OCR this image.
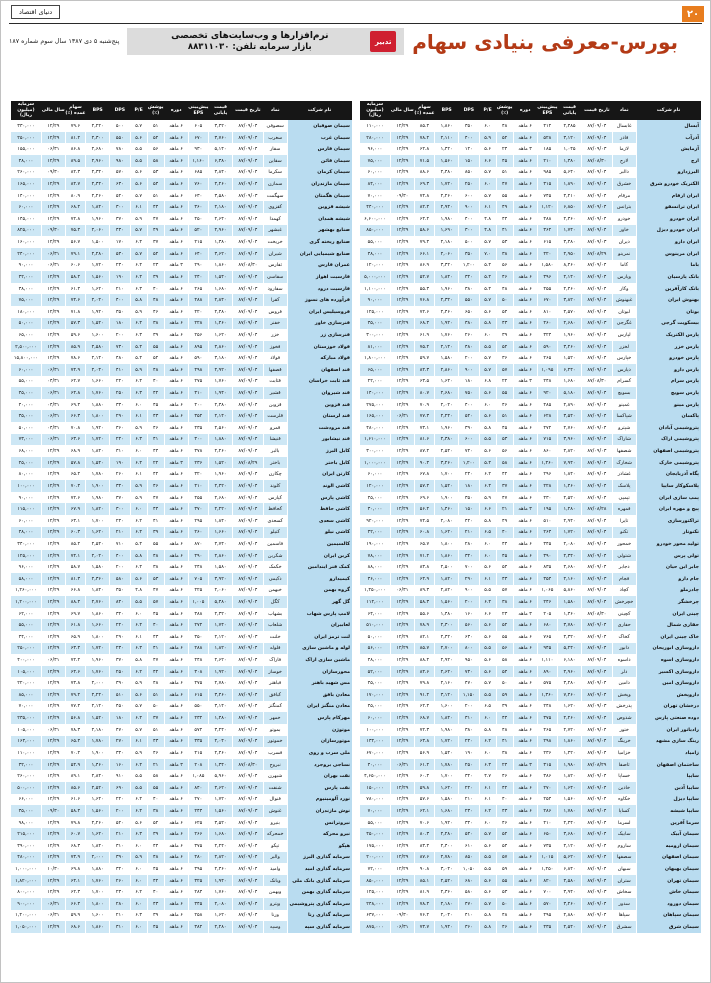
دنیای اقتصاد	۲۰
بورس-معرفی بنیادی سهام
تدبیر
نرم‌افزارها و وب‌سایت‌های تخصصی
بازار سرمایه تلفن: ۸۸۳۱۱۰۳۰
پنج‌شنبه ۵ دی ۱۳۸۷ سال سوم شماره ۱۸۷
نام شرکت	نماد	تاریخ قیمت	قیمت پایانی	پیش‌بینی EPS	دوره	پوشش (٪)	P/E	DPS	BPS	سهام عمده (٪)	سال مالی	سرمایه (میلیون ریال)
آبسال	غابسال	۸۷/۰۹/۰۴	۲,۴۸۵	۴۱۲	۶ ماهه	۴۸	۶.۰	۳۵۰	۱,۸۶۰	۸۵.۴	۱۲/۲۹	۱۱۰,۰۰۰
آذرآب	فاذر	۸۷/۰۹/۰۴	۳,۱۲۰	۵۲۸	۶ ماهه	۵۲	۵.۹	۴۰۰	۲,۱۱۰	۷۸.۲	۱۲/۲۹	۲۸۰,۰۰۰
آزمایش	لازما	۸۷/۰۹/۰۳	۱,۰۴۵	۱۸۵	۳ ماهه	۲۴	۵.۶	۱۲۰	۱,۴۲۰	۶۲.۸	۱۲/۲۹	۹۶,۰۰۰
ارج	لارج	۸۷/۰۸/۳۰	۱,۳۸۰	۲۱۰	۶ ماهه	۴۵	۶.۶	۱۵۰	۱,۵۶۰	۷۱.۵	۱۲/۲۹	۷۵,۰۰۰
البرزدارو	دالبر	۸۷/۰۹/۰۴	۵,۶۴۰	۹۸۵	۶ ماهه	۵۱	۵.۷	۸۵۰	۲,۴۸۰	۸۸.۶	۱۲/۲۹	۶۰,۰۰۰
الکتریک خودرو شرق	خشرق	۸۷/۰۹/۰۴	۱,۸۹۰	۳۱۵	۶ ماهه	۴۷	۶.۰	۲۵۰	۱,۷۲۰	۶۹.۳	۱۲/۲۹	۸۴,۰۰۰
ایران ارقام	مرقام	۸۷/۰۹/۰۴	۴,۲۱۰	۷۴۵	۶ ماهه	۵۵	۵.۷	۶۰۰	۲,۲۶۰	۷۴.۸	۰۹/۳۰	۷۰,۰۰۰
ایران ترانسفو	بترانس	۸۷/۰۹/۰۴	۶,۸۵۰	۱,۱۲۰	۶ ماهه	۴۹	۶.۱	۹۰۰	۲,۹۴۰	۸۲.۴	۱۲/۲۹	۴۴۰,۰۰۰
ایران خودرو	خودرو	۸۷/۰۹/۰۴	۲,۳۶۰	۴۸۸	۶ ماهه	۴۴	۴.۸	۴۰۰	۱,۹۸۰	۶۴.۲	۱۲/۲۹	۶,۶۰۰,۰۰۰
ایران خودرو دیزل	خاور	۸۷/۰۹/۰۴	۱,۷۴۰	۳۶۲	۶ ماهه	۴۱	۴.۸	۳۰۰	۱,۶۹۰	۵۸.۶	۱۲/۲۹	۸۵۰,۰۰۰
ایران دارو	دیران	۸۷/۰۹/۰۳	۳,۴۸۰	۶۱۵	۶ ماهه	۵۳	۵.۷	۵۰۰	۲,۱۸۰	۷۹.۴	۱۲/۲۹	۵۵,۰۰۰
ایران مرینوس	نمرینو	۸۷/۰۸/۲۹	۲,۹۵۰	۴۲۰	۶ ماهه	۳۸	۷.۰	۳۵۰	۲,۰۶۰	۶۶.۱	۱۲/۲۹	۴۸,۰۰۰
باما	کاما	۸۷/۰۹/۰۴	۸,۴۶۰	۱,۵۸۰	۶ ماهه	۵۶	۵.۴	۱,۲۰۰	۳,۴۲۰	۸۶.۹	۱۲/۲۹	۱۲۰,۰۰۰
بانک پارسیان	وپارس	۸۷/۰۹/۰۴	۲,۱۴۰	۳۹۶	۶ ماهه	۴۶	۵.۴	۳۲۰	۱,۸۴۰	۵۲.۷	۱۲/۲۹	۵,۰۰۰,۰۰۰
بانک کارآفرین	وکار	۸۷/۰۹/۰۴	۲,۴۶۰	۴۵۵	۶ ماهه	۴۸	۵.۴	۳۸۰	۱,۹۶۰	۵۵.۳	۱۲/۲۹	۱,۱۰۰,۰۰۰
بهنوش ایران	غبهنوش	۸۷/۰۹/۰۴	۳,۸۲۰	۶۷۰	۶ ماهه	۵۰	۵.۷	۵۵۰	۲,۳۲۰	۷۶.۸	۱۲/۲۹	۹۰,۰۰۰
بوتان	لبوتان	۸۷/۰۹/۰۴	۴,۵۷۰	۸۱۰	۶ ماهه	۵۴	۵.۶	۶۵۰	۲,۴۶۰	۷۲.۶	۱۲/۲۹	۱۲۵,۰۰۰
بیسکویت گرجی	غگرجی	۸۷/۰۹/۰۳	۲,۶۸۰	۴۶۰	۶ ماهه	۴۳	۵.۸	۳۸۰	۱,۹۲۰	۶۸.۴	۱۲/۲۹	۳۵,۰۰۰
پارس الکتریک	لپارس	۸۷/۰۹/۰۴	۱,۹۶۰	۳۲۴	۶ ماهه	۳۹	۶.۰	۲۶۰	۱,۷۶۰	۶۱.۹	۱۲/۲۹	۳۰۰,۰۰۰
پارس خزر	لخزر	۸۷/۰۹/۰۴	۳,۲۶۰	۵۹۰	۶ ماهه	۵۲	۵.۵	۴۸۰	۲,۱۴۰	۷۵.۲	۱۲/۲۹	۸۱,۰۰۰
پارس خودرو	خپارس	۸۷/۰۹/۰۴	۱,۵۲۰	۲۶۵	۶ ماهه	۳۶	۵.۷	۲۰۰	۱,۵۸۰	۵۹.۷	۱۲/۲۹	۱,۸۰۰,۰۰۰
پارس دارو	دپارس	۸۷/۰۹/۰۴	۶,۲۴۰	۱,۰۹۵	۶ ماهه	۵۷	۵.۷	۹۰۰	۲,۸۶۰	۸۴.۳	۱۲/۲۹	۶۵,۰۰۰
پارس سرام	کسرام	۸۷/۰۸/۳۰	۱,۶۸۰	۲۴۸	۳ ماهه	۲۲	۶.۸	۱۸۰	۱,۶۴۰	۶۳.۵	۱۲/۲۹	۲۲,۰۰۰
پارس سویچ	بسویچ	۸۷/۰۹/۰۴	۵,۱۸۰	۹۲۰	۶ ماهه	۵۵	۵.۶	۷۵۰	۲,۶۸۰	۸۰.۷	۱۲/۲۹	۱۴۰,۰۰۰
پارس مینو	غمینو	۸۷/۰۹/۰۴	۲,۸۹۰	۴۸۵	۶ ماهه	۴۶	۶.۰	۴۰۰	۲,۰۲۰	۷۰.۹	۱۲/۲۹	۲۷۵,۰۰۰
پاکسان	شپاکسا	۸۷/۰۹/۰۴	۳,۵۴۰	۶۲۸	۶ ماهه	۵۱	۵.۶	۵۲۰	۲,۲۴۰	۷۷.۳	۰۶/۳۱	۱۶۵,۰۰۰
پتروشیمی آبادان	شپترو	۸۷/۰۹/۰۴	۲,۷۶۰	۴۷۲	۶ ماهه	۴۵	۵.۸	۳۹۰	۱,۹۶۰	۷۳.۱	۱۲/۲۹	۴۸۰,۰۰۰
پتروشیمی اراک	شاراک	۸۷/۰۹/۰۴	۳,۹۶۰	۷۱۵	۶ ماهه	۵۳	۵.۵	۶۰۰	۲,۳۸۰	۸۱.۶	۱۲/۲۹	۱,۶۱۰,۰۰۰
پتروشیمی اصفهان	شصفها	۸۷/۰۹/۰۳	۴,۸۲۰	۸۶۰	۶ ماهه	۵۶	۵.۶	۷۲۰	۲,۵۴۰	۸۷.۲	۱۲/۲۹	۳۰۰,۰۰۰
پتروشیمی خارک	شخارک	۸۷/۰۹/۰۴	۷,۹۴۰	۱,۴۶۰	۶ ماهه	۵۸	۵.۴	۱,۲۰۰	۳,۲۶۰	۹۰.۴	۱۲/۲۹	۱,۰۰۰,۰۰۰
پگاه آذربایجان	غشاذر	۸۷/۰۹/۰۴	۱,۸۴۰	۲۹۶	۶ ماهه	۴۲	۶.۲	۲۴۰	۱,۷۰۰	۶۷.۸	۱۲/۲۹	۶۰,۰۰۰
پلاسکوکار سایپا	پلاسک	۸۷/۰۹/۰۴	۱,۴۶۰	۲۲۸	۶ ماهه	۳۷	۶.۴	۱۸۰	۱,۵۲۰	۵۷.۴	۱۲/۲۹	۱۲۰,۰۰۰
پمپ سازی ایران	تپمپی	۸۷/۰۹/۰۴	۲,۵۲۰	۴۳۰	۶ ماهه	۴۷	۵.۹	۳۵۰	۱,۹۰۰	۶۹.۶	۱۲/۲۹	۴۵,۰۰۰
پیچ و مهره ایران	فمهره	۸۷/۰۸/۲۸	۱,۲۸۰	۱۹۵	۳ ماهه	۲۱	۶.۶	۱۵۰	۱,۴۶۰	۵۶.۲	۱۲/۲۹	۳۰,۰۰۰
تراکتورسازی	تایرا	۸۷/۰۹/۰۴	۲,۹۴۰	۵۱۰	۶ ماهه	۴۹	۵.۸	۴۲۰	۲,۰۸۰	۷۴.۵	۱۲/۲۹	۹۲۰,۰۰۰
تکنوتار	تکنو	۸۷/۰۹/۰۴	۱,۷۲۰	۲۶۴	۶ ماهه	۴۰	۶.۵	۲۱۰	۱,۶۲۰	۶۰.۸	۱۲/۲۹	۴۲,۰۰۰
تولید محور خودرو	خمحور	۸۷/۰۹/۰۴	۲,۰۸۰	۳۴۵	۶ ماهه	۴۴	۶.۰	۲۸۰	۱,۸۰۰	۶۵.۷	۱۲/۲۹	۱۹۰,۰۰۰
تولی پرس	شتولی	۸۷/۰۹/۰۴	۲,۳۴۰	۳۹۰	۶ ماهه	۴۵	۶.۰	۳۲۰	۱,۸۶۰	۷۱.۲	۱۲/۲۹	۷۸,۰۰۰
جابر ابن حیان	دجابر	۸۷/۰۹/۰۴	۴,۶۸۰	۸۳۵	۶ ماهه	۵۴	۵.۶	۷۰۰	۲,۵۰۰	۸۳.۸	۱۲/۲۹	۸۸,۰۰۰
جام دارو	فجام	۸۷/۰۹/۰۳	۲,۱۶۰	۳۵۴	۶ ماهه	۴۳	۶.۱	۲۹۰	۱,۸۲۰	۶۴.۹	۱۲/۲۹	۳۶,۰۰۰
چادرملو	کچاد	۸۷/۰۹/۰۴	۵,۸۶۰	۱,۰۶۵	۶ ماهه	۵۷	۵.۵	۹۰۰	۲,۸۲۰	۸۹.۳	۰۶/۳۱	۱,۴۵۰,۰۰۰
چرخشگر	خچرخش	۸۷/۰۹/۰۴	۱,۵۸۰	۲۴۶	۶ ماهه	۳۸	۶.۴	۲۰۰	۱,۵۶۰	۵۸.۳	۱۲/۲۹	۱۱۲,۰۰۰
چینی ایران	کچینی	۸۷/۰۸/۳۰	۱,۳۶۰	۲۰۵	۳ ماهه	۲۳	۶.۶	۱۶۰	۱,۴۸۰	۵۵.۶	۱۲/۲۹	۶۴,۰۰۰
حفاری شمال	حفاری	۸۷/۰۹/۰۴	۳,۷۸۰	۶۸۰	۶ ماهه	۵۲	۵.۶	۵۶۰	۲,۳۰۰	۷۸.۹	۱۲/۲۹	۵۱۰,۰۰۰
خاک چینی ایران	کخاک	۸۷/۰۹/۰۴	۴,۳۲۰	۷۶۵	۶ ماهه	۵۵	۵.۶	۶۳۰	۲,۴۲۰	۸۲.۱	۱۲/۲۹	۵۰,۰۰۰
داروسازی ابوریحان	دابور	۸۷/۰۹/۰۴	۵,۲۴۰	۹۴۵	۶ ماهه	۵۶	۵.۵	۸۰۰	۲,۷۰۰	۸۵.۷	۱۲/۲۹	۵۶,۰۰۰
داروسازی اسوه	داسوه	۸۷/۰۹/۰۴	۶,۱۸۰	۱,۱۱۰	۶ ماهه	۵۸	۵.۶	۹۵۰	۲,۹۲۰	۸۸.۲	۱۲/۲۹	۴۸,۰۰۰
داروسازی اکسیر	دلر	۸۷/۰۹/۰۴	۴,۹۶۰	۸۹۰	۶ ماهه	۵۴	۵.۶	۷۴۰	۲,۶۲۰	۸۴.۶	۱۲/۲۹	۵۲,۰۰۰
داروسازی امین	دامین	۸۷/۰۹/۰۴	۳,۲۸۰	۵۷۵	۶ ماهه	۵۰	۵.۷	۴۷۰	۲,۱۶۰	۷۹.۸	۱۲/۲۹	۴۵,۰۰۰
داروپخش	وپخش	۸۷/۰۹/۰۴	۷,۴۶۰	۱,۳۶۰	۶ ماهه	۵۹	۵.۵	۱,۱۵۰	۳,۱۲۰	۹۱.۲	۱۲/۲۹	۱۷۰,۰۰۰
درخشان تهران	پدرخش	۸۷/۰۹/۰۳	۱,۶۲۰	۲۴۸	۶ ماهه	۳۹	۶.۵	۲۰۰	۱,۶۰۰	۶۲.۴	۱۲/۲۹	۴۵,۰۰۰
دوده صنعتی پارس	شدوص	۸۷/۰۹/۰۴	۲,۲۶۰	۳۷۵	۶ ماهه	۴۴	۶.۰	۳۱۰	۱,۸۴۰	۶۸.۷	۱۲/۲۹	۶۰,۰۰۰
رادیاتور ایران	ختور	۸۷/۰۹/۰۴	۲,۷۲۰	۴۶۵	۶ ماهه	۴۸	۵.۸	۳۸۰	۱,۹۸۰	۷۲.۳	۱۲/۲۹	۱۰۰,۰۰۰
رینگ سازی مشهد	خرینگ	۸۷/۰۹/۰۴	۱,۸۶۰	۲۹۸	۶ ماهه	۴۱	۶.۲	۲۴۰	۱,۷۲۰	۶۳.۸	۱۲/۲۹	۱۳۲,۰۰۰
زامیاد	خزامیا	۸۷/۰۹/۰۴	۱,۴۲۰	۲۳۶	۶ ماهه	۳۸	۶.۰	۱۹۰	۱,۵۴۰	۵۶.۹	۱۲/۲۹	۶۷۰,۰۰۰
ساختمان اصفهان	ثاصفا	۸۷/۰۸/۲۹	۱,۹۸۰	۳۱۵	۳ ماهه	۲۴	۶.۳	۲۵۰	۱,۷۸۰	۶۱.۲	۰۶/۳۱	۴۰,۰۰۰
سایپا	خساپا	۸۷/۰۹/۰۴	۱,۸۲۰	۳۸۶	۶ ماهه	۴۶	۴.۷	۳۲۰	۱,۷۰۰	۶۰.۴	۱۲/۲۹	۴,۶۵۰,۰۰۰
سایپا آذین	خاذین	۸۷/۰۹/۰۴	۱,۶۴۰	۲۷۰	۶ ماهه	۴۲	۶.۱	۲۲۰	۱,۶۲۰	۵۹.۸	۱۲/۲۹	۱۵۰,۰۰۰
سایپا دیزل	خکاوه	۸۷/۰۹/۰۴	۱,۵۶۰	۲۵۴	۶ ماهه	۴۰	۶.۱	۲۱۰	۱,۵۸۰	۵۷.۶	۱۲/۲۹	۷۸۰,۰۰۰
سایپا شیشه	کساپا	۸۷/۰۹/۰۴	۱,۷۸۰	۲۸۶	۶ ماهه	۴۳	۶.۲	۲۳۰	۱,۶۸۰	۶۲.۱	۱۲/۲۹	۷۰,۰۰۰
سرما آفرین	لسرما	۸۷/۰۹/۰۴	۲,۴۴۰	۴۱۰	۶ ماهه	۴۶	۶.۰	۳۴۰	۱,۹۲۰	۷۰.۶	۱۲/۲۹	۵۵,۰۰۰
سیمان آبیک	سابیک	۸۷/۰۹/۰۴	۳,۶۸۰	۶۵۰	۶ ماهه	۵۲	۵.۷	۵۴۰	۲,۲۸۰	۸۰.۳	۱۲/۲۹	۴۵۰,۰۰۰
سیمان ارومیه	ساروم	۸۷/۰۹/۰۴	۴,۱۲۰	۷۳۵	۶ ماهه	۵۴	۵.۶	۶۱۰	۲,۴۰۰	۸۳.۴	۱۲/۲۹	۱۷۵,۰۰۰
سیمان اصفهان	سصفها	۸۷/۰۹/۰۴	۵,۶۲۰	۱,۰۱۵	۶ ماهه	۵۷	۵.۵	۸۵۰	۲,۷۸۰	۸۷.۶	۱۲/۲۹	۲۰۰,۰۰۰
سیمان بهبهان	سبهان	۸۷/۰۹/۰۴	۶,۸۴۰	۱,۲۵۰	۶ ماهه	۵۹	۵.۵	۱,۰۵۰	۳,۰۴۰	۹۰.۸	۱۲/۲۹	۷۲,۰۰۰
سیمان تهران	ستران	۸۷/۰۹/۰۴	۴,۵۸۰	۸۲۰	۶ ماهه	۵۵	۵.۶	۶۸۰	۲,۵۲۰	۸۵.۱	۱۲/۲۹	۸۵۰,۰۰۰
سیمان خاش	سخاش	۸۷/۰۹/۰۳	۳,۹۴۰	۷۰۰	۶ ماهه	۵۳	۵.۶	۵۸۰	۲,۳۶۰	۸۱.۹	۱۲/۲۹	۱۲۵,۰۰۰
سیمان دورود	سدور	۸۷/۰۹/۰۴	۳,۲۶۰	۵۷۰	۶ ماهه	۵۰	۵.۷	۴۷۰	۲,۱۸۰	۷۸.۴	۱۲/۲۹	۲۴۸,۰۰۰
سیمان سپاهان	سپاها	۸۷/۰۹/۰۴	۲,۸۸۰	۴۹۵	۶ ماهه	۴۸	۵.۸	۴۱۰	۲,۰۴۰	۷۶.۲	۰۹/۳۰	۶۳۷,۰۰۰
سیمان شرق	سشرق	۸۷/۰۹/۰۴	۲,۵۴۰	۴۳۵	۶ ماهه	۴۶	۵.۸	۳۶۰	۱,۹۴۰	۷۳.۷	۰۶/۳۱	۸۷۵,۰۰۰
نام شرکت	نماد	تاریخ قیمت	قیمت پایانی	پیش‌بینی EPS	دوره	پوشش (٪)	P/E	DPS	BPS	سهام عمده (٪)	سال مالی	سرمایه (میلیون ریال)
سیمان صوفیان	سصوفی	۸۷/۰۹/۰۴	۳,۴۲۰	۶۰۵	۶ ماهه	۵۱	۵.۷	۵۰۰	۲,۲۲۰	۷۹.۶	۱۲/۲۹	۳۳۰,۰۰۰
سیمان غرب	سغرب	۸۷/۰۹/۰۴	۳,۷۶۰	۶۷۰	۶ ماهه	۵۲	۵.۶	۵۵۰	۲,۳۰۰	۸۱.۲	۱۲/۲۹	۲۵۰,۰۰۰
سیمان فارس	سفار	۸۷/۰۹/۰۴	۵,۱۴۰	۹۳۰	۶ ماهه	۵۶	۵.۵	۷۸۰	۲,۶۸۰	۸۶.۸	۰۶/۳۱	۱۵۵,۰۰۰
سیمان قائن	سقاین	۸۷/۰۹/۰۴	۶,۳۸۰	۱,۱۶۰	۶ ماهه	۵۸	۵.۵	۹۸۰	۲,۹۶۰	۸۹.۵	۱۲/۲۹	۴۸,۰۰۰
سیمان کرمان	سکرما	۸۷/۰۹/۰۴	۳,۸۴۰	۶۸۵	۶ ماهه	۵۳	۵.۶	۵۷۰	۲,۳۴۰	۸۲.۳	۰۹/۳۰	۲۶۰,۰۰۰
سیمان مازندران	سمازن	۸۷/۰۹/۰۴	۴,۲۶۰	۷۶۰	۶ ماهه	۵۴	۵.۶	۶۳۰	۲,۴۴۰	۸۴.۷	۱۲/۲۹	۱۶۵,۰۰۰
سیمان هگمتان	سهگمت	۸۷/۰۹/۰۳	۳,۵۸۰	۶۳۰	۶ ماهه	۵۱	۵.۷	۵۲۰	۲,۲۶۰	۸۰.۹	۱۲/۲۹	۱۴۰,۰۰۰
شیشه قزوین	کقزوی	۸۷/۰۹/۰۴	۲,۱۸۰	۳۶۰	۶ ماهه	۴۴	۶.۱	۳۰۰	۱,۸۴۰	۶۸.۲	۱۲/۲۹	۶۰,۰۰۰
شیشه همدان	کهمدا	۸۷/۰۹/۰۴	۲,۶۴۰	۴۵۰	۶ ماهه	۴۷	۵.۹	۳۷۰	۱,۹۶۰	۷۲.۸	۱۲/۲۹	۱۴۵,۰۰۰
صنایع بهشهر	غبشهر	۸۷/۰۹/۰۴	۲,۹۶۰	۵۲۰	۶ ماهه	۴۹	۵.۷	۴۳۰	۲,۰۶۰	۷۵.۴	۰۹/۳۰	۸۲۵,۰۰۰
صنایع ریخته گری	خریخت	۸۷/۰۹/۰۴	۱,۳۸۰	۲۱۵	۶ ماهه	۳۷	۶.۴	۱۷۰	۱,۵۰۰	۵۶.۷	۱۲/۲۹	۱۶۰,۰۰۰
صنایع شیمیایی ایران	شیران	۸۷/۰۹/۰۴	۳,۶۲۰	۶۴۰	۶ ماهه	۵۲	۵.۷	۵۳۰	۲,۲۸۰	۷۹.۱	۰۶/۳۱	۲۴۰,۰۰۰
عمران فارس	ثفارس	۸۷/۰۸/۳۰	۱,۸۶۰	۲۹۰	۳ ماهه	۲۳	۶.۴	۲۳۰	۱,۷۲۰	۶۰.۶	۰۶/۳۱	۹۰,۰۰۰
فارسیت اهواز	سفاسی	۸۷/۰۹/۰۴	۱,۵۴۰	۲۴۰	۶ ماهه	۳۹	۶.۴	۱۹۰	۱,۵۶۰	۵۸.۲	۱۲/۲۹	۴۲,۰۰۰
فارسیت درود	سفارود	۸۷/۰۹/۰۳	۱,۶۸۰	۲۶۵	۶ ماهه	۴۰	۶.۳	۲۱۰	۱,۶۲۰	۶۱.۴	۱۲/۲۹	۳۸,۰۰۰
فرآورده های نسوز	کفرا	۸۷/۰۹/۰۴	۲,۸۴۰	۴۸۸	۶ ماهه	۴۸	۵.۸	۴۰۰	۲,۰۲۰	۷۴.۶	۱۲/۲۹	۷۵,۰۰۰
فروسیلیس ایران	فروس	۸۷/۰۹/۰۴	۲,۴۸۰	۴۲۰	۶ ماهه	۴۶	۵.۹	۳۵۰	۱,۹۲۰	۷۱.۸	۱۲/۲۹	۱۸۰,۰۰۰
فنرسازی خاور	خفنر	۸۷/۰۹/۰۴	۱,۴۶۰	۲۲۸	۶ ماهه	۳۸	۶.۴	۱۸۰	۱,۵۲۰	۵۷.۳	۱۲/۲۹	۵۰,۰۰۰
فنرسازی زر	خزر	۸۷/۰۹/۰۴	۱,۶۲۰	۲۵۶	۶ ماهه	۳۹	۶.۳	۲۰۰	۱,۶۰۰	۵۹.۶	۱۲/۲۹	۶۵,۰۰۰
فولاد خوزستان	فخوز	۸۷/۰۹/۰۴	۴,۸۶۰	۸۹۵	۶ ماهه	۵۵	۵.۴	۷۳۰	۲,۵۸۰	۸۵.۹	۱۲/۲۹	۲,۵۰۰,۰۰۰
فولاد مبارکه	فولاد	۸۷/۰۹/۰۴	۳,۱۸۰	۵۹۰	۶ ماهه	۵۲	۵.۴	۴۸۰	۲,۱۴۰	۷۸.۶	۱۲/۲۹	۱۵,۸۰۰,۰۰۰
قند اصفهان	قصفها	۸۷/۰۹/۰۴	۲,۹۲۰	۴۹۸	۶ ماهه	۴۸	۵.۹	۴۱۰	۲,۰۴۰	۷۴.۹	۰۶/۳۱	۶۰,۰۰۰
قند ثابت خراسان	قثابت	۸۷/۰۹/۰۳	۱,۷۶۰	۲۷۵	۶ ماهه	۴۰	۶.۴	۲۲۰	۱,۶۶۰	۶۲.۷	۰۴/۳۱	۵۵,۰۰۰
قند شیروان	قشیر	۸۷/۰۹/۰۴	۱,۹۴۰	۳۱۰	۶ ماهه	۴۲	۶.۳	۲۵۰	۱,۷۶۰	۶۴.۸	۰۶/۳۱	۴۵,۰۰۰
قند قزوین	قزوین	۸۷/۰۹/۰۴	۲,۳۸۰	۴۰۰	۶ ماهه	۴۵	۶.۰	۳۳۰	۱,۸۸۰	۶۹.۴	۰۴/۳۱	۴۰,۰۰۰
قند لرستان	قلرست	۸۷/۰۹/۰۴	۲,۱۴۰	۳۵۲	۶ ماهه	۴۳	۶.۱	۲۹۰	۱,۸۰۰	۶۶.۳	۰۶/۳۱	۳۵,۰۰۰
قند مرودشت	قمرو	۸۷/۰۹/۰۴	۲,۵۶۰	۴۳۵	۶ ماهه	۴۶	۵.۹	۳۶۰	۱,۹۲۰	۷۰.۸	۰۴/۳۱	۵۰,۰۰۰
قند نیشابور	قنیشا	۸۷/۰۹/۰۴	۱,۸۸۰	۳۰۰	۶ ماهه	۴۱	۶.۳	۲۴۰	۱,۷۲۰	۶۳.۶	۰۶/۳۱	۷۳,۰۰۰
کابل البرز	بالبر	۸۷/۰۹/۰۴	۲,۲۶۰	۳۷۸	۶ ماهه	۴۴	۶.۰	۳۱۰	۱,۸۴۰	۶۸.۹	۱۲/۲۹	۶۸,۰۰۰
کابل باختر	باختر	۸۷/۰۸/۲۹	۱,۵۲۰	۲۳۶	۳ ماهه	۲۲	۶.۴	۱۹۰	۱,۵۴۰	۵۷.۸	۱۲/۲۹	۲۵,۰۰۰
کارتن ایران	چکارن	۸۷/۰۹/۰۴	۱,۹۶۰	۳۲۰	۶ ماهه	۴۲	۶.۱	۲۶۰	۱,۷۸۰	۶۵.۲	۱۲/۲۹	۸۰,۰۰۰
کاشی الوند	کلوند	۸۷/۰۹/۰۴	۲,۴۲۰	۴۱۰	۶ ماهه	۴۶	۵.۹	۳۴۰	۱,۹۰۰	۷۰.۴	۱۲/۲۹	۱۰۰,۰۰۰
کاشی پارس	کپارس	۸۷/۰۹/۰۴	۲,۶۸۰	۴۵۵	۶ ماهه	۴۷	۵.۹	۳۷۰	۱,۹۸۰	۷۲.۶	۱۲/۲۹	۹۰,۰۰۰
کاشی حافظ	کحافظ	۸۷/۰۹/۰۴	۲,۲۲۰	۳۷۰	۶ ماهه	۴۴	۶.۰	۳۰۰	۱,۸۲۰	۶۷.۹	۱۲/۲۹	۱۱۵,۰۰۰
کاشی سعدی	کسعدی	۸۷/۰۹/۰۳	۱,۸۴۰	۲۹۵	۶ ماهه	۴۱	۶.۲	۲۴۰	۱,۷۰۰	۶۳.۱	۱۲/۲۹	۶۰,۰۰۰
کاشی نیلو	کنیلو	۸۷/۰۹/۰۴	۱,۶۶۰	۲۶۰	۶ ماهه	۳۹	۶.۴	۲۱۰	۱,۶۲۰	۶۰.۳	۱۲/۲۹	۴۸,۰۰۰
کالسیمین	فاسمین	۸۷/۰۹/۰۴	۴,۷۴۰	۸۷۰	۶ ماهه	۵۵	۵.۴	۷۱۰	۲,۵۴۰	۸۵.۲	۱۲/۲۹	۳۴۰,۰۰۰
کربن ایران	شکربن	۸۷/۰۹/۰۴	۲,۸۶۰	۴۹۰	۶ ماهه	۴۸	۵.۸	۴۰۰	۲,۰۲۰	۷۴.۱	۱۲/۲۹	۱۲۵,۰۰۰
کمک فنر ایندامین	خکمک	۸۷/۰۹/۰۴	۱,۵۸۰	۲۴۸	۶ ماهه	۳۸	۶.۴	۲۰۰	۱,۵۸۰	۵۸.۷	۱۲/۲۹	۹۶,۰۰۰
کیمیدارو	دکیمی	۸۷/۰۹/۰۴	۳,۹۲۰	۷۰۵	۶ ماهه	۵۳	۵.۶	۵۸۰	۲,۳۶۰	۸۱.۳	۱۲/۲۹	۵۸,۰۰۰
گروه بهمن	خبهمن	۸۷/۰۹/۰۴	۲,۰۶۰	۴۲۵	۶ ماهه	۴۷	۴.۸	۳۵۰	۱,۸۴۰	۶۶.۸	۱۲/۲۹	۱,۲۶۰,۰۰۰
گل گهر	کگل	۸۷/۰۹/۰۴	۵,۴۸۰	۱,۰۰۵	۶ ماهه	۵۷	۵.۵	۸۴۰	۲,۷۶۰	۸۸.۴	۱۲/۲۹	۱,۲۰۰,۰۰۰
لامپ پارس شهاب	بشهاب	۸۷/۰۹/۰۴	۲,۳۲۰	۳۸۸	۶ ماهه	۴۵	۶.۰	۳۲۰	۱,۸۶۰	۶۹.۷	۱۲/۲۹	۶۲,۰۰۰
لعابیران	شلعاب	۸۷/۰۹/۰۴	۱,۷۴۰	۲۷۲	۶ ماهه	۴۰	۶.۴	۲۲۰	۱,۶۶۰	۶۱.۸	۱۲/۲۹	۵۵,۰۰۰
لنت ترمز ایران	خلنت	۸۷/۰۹/۰۳	۲,۱۲۰	۳۵۰	۶ ماهه	۴۳	۶.۱	۲۹۰	۱,۸۰۰	۶۵.۹	۱۲/۲۹	۴۴,۰۰۰
لوله و ماشین سازی	فلوله	۸۷/۰۹/۰۴	۱,۸۲۰	۲۸۸	۶ ماهه	۴۱	۶.۳	۲۳۰	۱,۷۲۰	۶۳.۴	۱۲/۲۹	۲۵۰,۰۰۰
ماشین سازی اراک	فاراک	۸۷/۰۹/۰۴	۲,۶۲۰	۴۴۸	۶ ماهه	۴۷	۵.۸	۳۷۰	۱,۹۶۰	۷۲.۲	۰۶/۳۱	۴۰۰,۰۰۰
محورسازان	خوساز	۸۷/۰۹/۰۴	۱,۹۲۰	۳۰۸	۶ ماهه	۴۲	۶.۲	۲۵۰	۱,۷۶۰	۶۴.۶	۱۲/۲۹	۱۰۵,۰۰۰
مس شهید باهنر	فباهنر	۸۷/۰۹/۰۴	۲,۷۸۰	۴۷۵	۶ ماهه	۴۸	۵.۹	۳۹۰	۲,۰۰۰	۷۳.۸	۱۲/۲۹	۲۲۰,۰۰۰
معادن بافق	کبافق	۸۷/۰۹/۰۴	۳,۴۶۰	۶۱۵	۶ ماهه	۵۱	۵.۶	۵۱۰	۲,۲۴۰	۷۹.۲	۱۲/۲۹	۸۵,۰۰۰
معادن منگنز ایران	کمنگنز	۸۷/۰۹/۰۴	۳,۱۴۰	۵۵۰	۶ ماهه	۵۰	۵.۷	۴۵۰	۲,۱۲۰	۷۷.۴	۱۲/۲۹	۷۰,۰۰۰
مهرکام پارس	خمهر	۸۷/۰۹/۰۴	۱,۴۸۰	۲۳۲	۶ ماهه	۳۷	۶.۴	۱۸۰	۱,۵۲۰	۵۶.۸	۱۲/۲۹	۲۳۵,۰۰۰
موتوژن	بموتو	۸۷/۰۹/۰۴	۳,۲۴۰	۵۷۲	۶ ماهه	۵۱	۵.۷	۴۷۰	۲,۱۸۰	۷۸.۳	۰۶/۳۱	۱۰۵,۰۰۰
موتورسازان	خموتور	۸۷/۰۹/۰۴	۲,۰۴۰	۳۳۵	۶ ماهه	۴۳	۶.۱	۲۷۰	۱,۷۸۰	۶۵.۴	۱۲/۲۹	۱۶۴,۰۰۰
ملی سرب و روی	فسرب	۸۷/۰۹/۰۴	۲,۴۶۰	۴۱۵	۶ ماهه	۴۶	۵.۹	۳۴۰	۱,۹۰۰	۷۰.۲	۱۲/۲۹	۱۱۰,۰۰۰
نساجی بروجرد	نبروج	۸۷/۰۸/۳۰	۱,۳۴۰	۲۰۸	۳ ماهه	۲۱	۶.۴	۱۶۰	۱,۴۶۰	۵۴.۹	۱۲/۲۹	۳۲,۰۰۰
نفت بهران	شبهرن	۸۷/۰۹/۰۴	۵,۹۶۰	۱,۰۸۵	۶ ماهه	۵۸	۵.۵	۹۱۰	۲,۸۴۰	۸۹.۱	۱۲/۲۹	۲۶۰,۰۰۰
نفت پارس	شنفت	۸۷/۰۹/۰۴	۴,۶۲۰	۸۴۰	۶ ماهه	۵۵	۵.۵	۶۹۰	۲,۵۲۰	۸۵.۶	۱۲/۲۹	۵۰۰,۰۰۰
نورد آلومینیوم	فنوال	۸۷/۰۹/۰۴	۱,۷۲۰	۲۷۰	۶ ماهه	۴۰	۶.۴	۲۲۰	۱,۶۴۰	۶۱.۶	۱۲/۲۹	۶۶,۰۰۰
نوش مازندران	غنوش	۸۷/۰۹/۰۳	۱,۵۶۰	۲۴۴	۶ ماهه	۳۸	۶.۴	۲۰۰	۱,۵۶۰	۵۸.۴	۰۹/۳۰	۳۵,۰۰۰
نیروترانس	بنیرو	۸۷/۰۹/۰۴	۳,۵۲۰	۶۲۵	۶ ماهه	۵۲	۵.۶	۵۲۰	۲,۲۶۰	۷۹.۸	۱۲/۲۹	۹۸,۰۰۰
نیرو محرکه	خمحرکه	۸۷/۰۹/۰۴	۱,۶۸۰	۲۶۶	۶ ماهه	۳۹	۶.۳	۲۱۰	۱,۶۲۰	۶۰.۷	۱۲/۲۹	۲۱۵,۰۰۰
هپکو	تپکو	۸۷/۰۹/۰۴	۲,۲۴۰	۳۷۵	۶ ماهه	۴۴	۶.۰	۳۱۰	۱,۸۴۰	۶۸.۳	۱۲/۲۹	۳۹۰,۰۰۰
سرمایه گذاری البرز	والبر	۸۷/۰۹/۰۴	۲,۸۲۰	۴۸۰	۶ ماهه	۴۸	۵.۹	۳۹۰	۲,۰۰۰	۷۳.۹	۱۲/۲۹	۴۸۰,۰۰۰
سرمایه گذاری امید	وامید	۸۷/۰۹/۰۴	۲,۳۶۰	۳۹۵	۶ ماهه	۴۵	۶.۰	۳۲۰	۱,۸۸۰	۶۹.۸	۱۰/۳۰	۱,۰۰۰,۰۰۰
سرمایه گذاری بانک ملی	وبانک	۸۷/۰۹/۰۴	۱,۹۴۰	۳۲۵	۶ ماهه	۴۲	۶.۰	۲۶۰	۱,۷۶۰	۶۴.۱	۱۲/۲۹	۱,۸۲۰,۰۰۰
سرمایه گذاری بهمن	وبهمن	۸۷/۰۹/۰۴	۱,۷۶۰	۲۸۴	۶ ماهه	۴۰	۶.۲	۲۳۰	۱,۷۰۰	۶۲.۳	۱۲/۲۹	۸۰۰,۰۰۰
سرمایه گذاری پتروشیمی	وپترو	۸۷/۰۹/۰۴	۲,۰۸۰	۳۴۵	۶ ماهه	۴۳	۶.۰	۲۸۰	۱,۸۰۰	۶۶.۴	۰۶/۳۱	۹۰۰,۰۰۰
سرمایه گذاری رنا	ورنا	۸۷/۰۹/۰۴	۱,۶۲۰	۲۵۸	۶ ماهه	۳۹	۶.۳	۲۱۰	۱,۶۰۰	۵۹.۹	۰۶/۳۱	۱,۴۰۰,۰۰۰
سرمایه گذاری سپه	وسپه	۸۷/۰۹/۰۴	۲,۲۸۰	۳۸۲	۶ ماهه	۴۵	۶.۰	۳۱۰	۱,۸۶۰	۶۸.۶	۱۲/۲۹	۱,۰۵۰,۰۰۰
